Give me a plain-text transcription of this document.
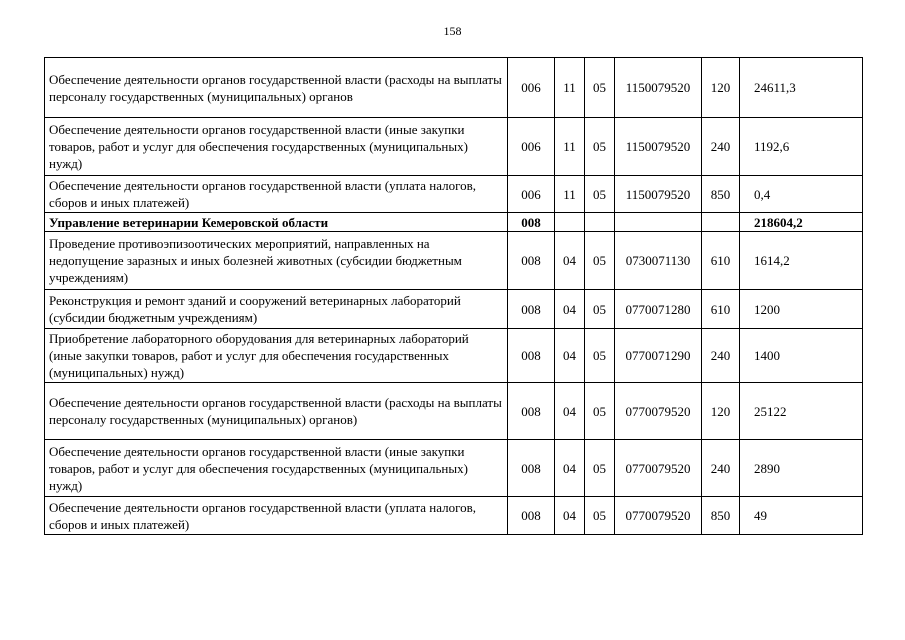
158
Обеспечение деятельности органов государственной власти (расходы на выплаты персоналу государственных (муниципальных) органов	006	11	05	1150079520	120	24611,3
Обеспечение деятельности органов государственной власти (иные закупки товаров, работ и услуг для обеспечения государственных (муниципальных) нужд)	006	11	05	1150079520	240	1192,6
Обеспечение деятельности органов государственной власти (уплата налогов, сборов и иных платежей)	006	11	05	1150079520	850	0,4
Управление ветеринарии Кемеровской области	008					218604,2
Проведение противоэпизоотических мероприятий, направленных на недопущение заразных и иных болезней животных (субсидии бюджетным учреждениям)	008	04	05	0730071130	610	1614,2
Реконструкция и ремонт зданий и сооружений ветеринарных лабораторий (субсидии бюджетным учреждениям)	008	04	05	0770071280	610	1200
Приобретение лабораторного оборудования для ветеринарных лабораторий (иные закупки товаров, работ и услуг для обеспечения государственных (муниципальных) нужд)	008	04	05	0770071290	240	1400
Обеспечение деятельности органов государственной власти (расходы на выплаты персоналу государственных (муниципальных) органов)	008	04	05	0770079520	120	25122
Обеспечение деятельности органов государственной власти (иные закупки товаров, работ и услуг для обеспечения государственных (муниципальных) нужд)	008	04	05	0770079520	240	2890
Обеспечение деятельности органов государственной власти (уплата налогов, сборов и иных платежей)	008	04	05	0770079520	850	49
